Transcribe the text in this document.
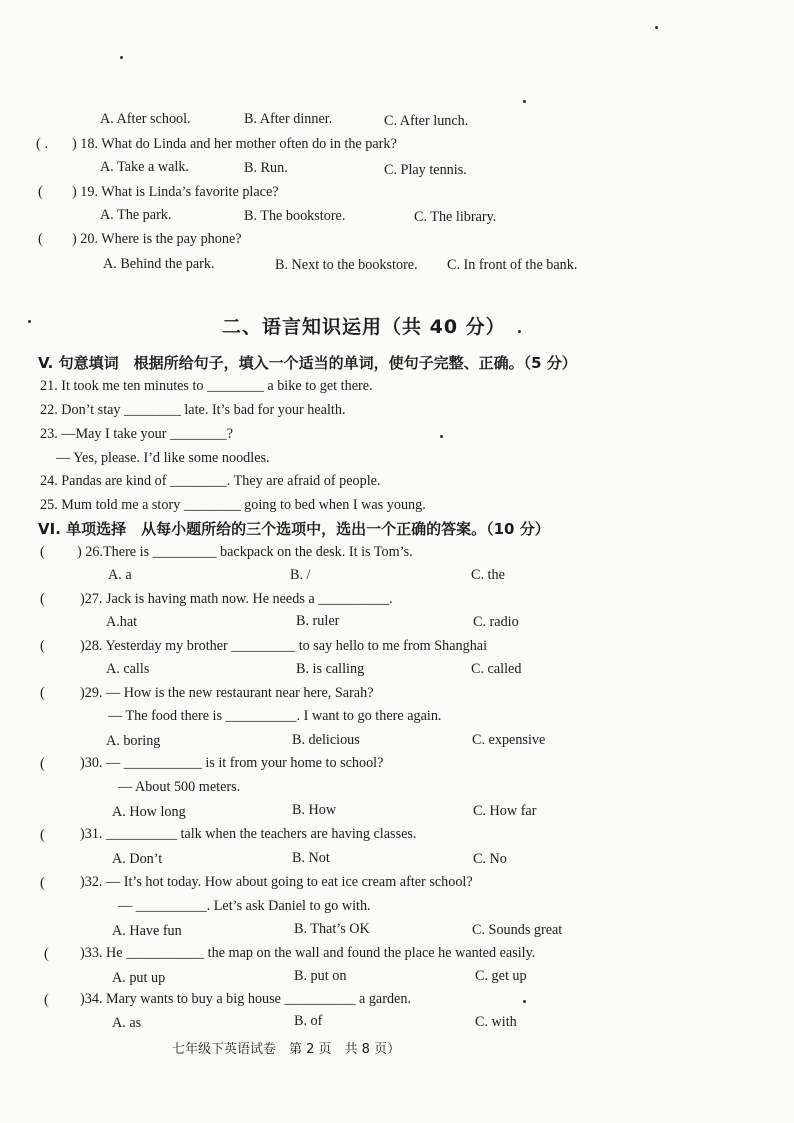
A. After school.	B. After dinner.	C. After lunch.
( . ) 18. What do Linda and her mother often do in the park?
A. Take a walk.	B. Run.	C. Play tennis.
( ) 19. What is Linda’s favorite place?
A. The park.	B. The bookstore.	C. The library.
( ) 20. Where is the pay phone?
A. Behind the park.	B. Next to the bookstore. C. In front of the bank.
二、语言知识运用（共 40 分）
V. 句意填词　根据所给句子，填入一个适当的单词，使句子完整、正确。（5 分）
21. It took me ten minutes to ________ a bike to get there.
22. Don’t stay ________ late. It’s bad for your health.
23. —May I take your ________?
— Yes, please. I’d like some noodles.
24. Pandas are kind of ________. They are afraid of people.
25. Mum told me a story ________ going to bed when I was young.
VI. 单项选择　从每小题所给的三个选项中，选出一个正确的答案。（10 分）
( ) 26.There is _________ backpack on the desk. It is Tom’s.
A. a	B. /	C. the
( )27. Jack is having math now. He needs a __________.
A.hat	B. ruler	C. radio
( )28. Yesterday my brother _________ to say hello to me from Shanghai
A. calls	B. is calling	C. called
( )29. — How is the new restaurant near here, Sarah?
— The food there is __________. I want to go there again.
A. boring	B. delicious	C. expensive
( )30. — ___________ is it from your home to school?
— About 500 meters.
A. How long	B. How	C. How far
( )31. __________ talk when the teachers are having classes.
A. Don’t	B. Not	C. No
( )32. — It’s hot today. How about going to eat ice cream after school?
— __________. Let’s ask Daniel to go with.
A. Have fun	B. That’s OK	C. Sounds great
( )33. He ___________ the map on the wall and found the place he wanted easily.
A. put up	B. put on	C. get up
( )34. Mary wants to buy a big house __________ a garden.
A. as	B. of	C. with
七年级下英语试卷　第 2 页　共 8 页）
